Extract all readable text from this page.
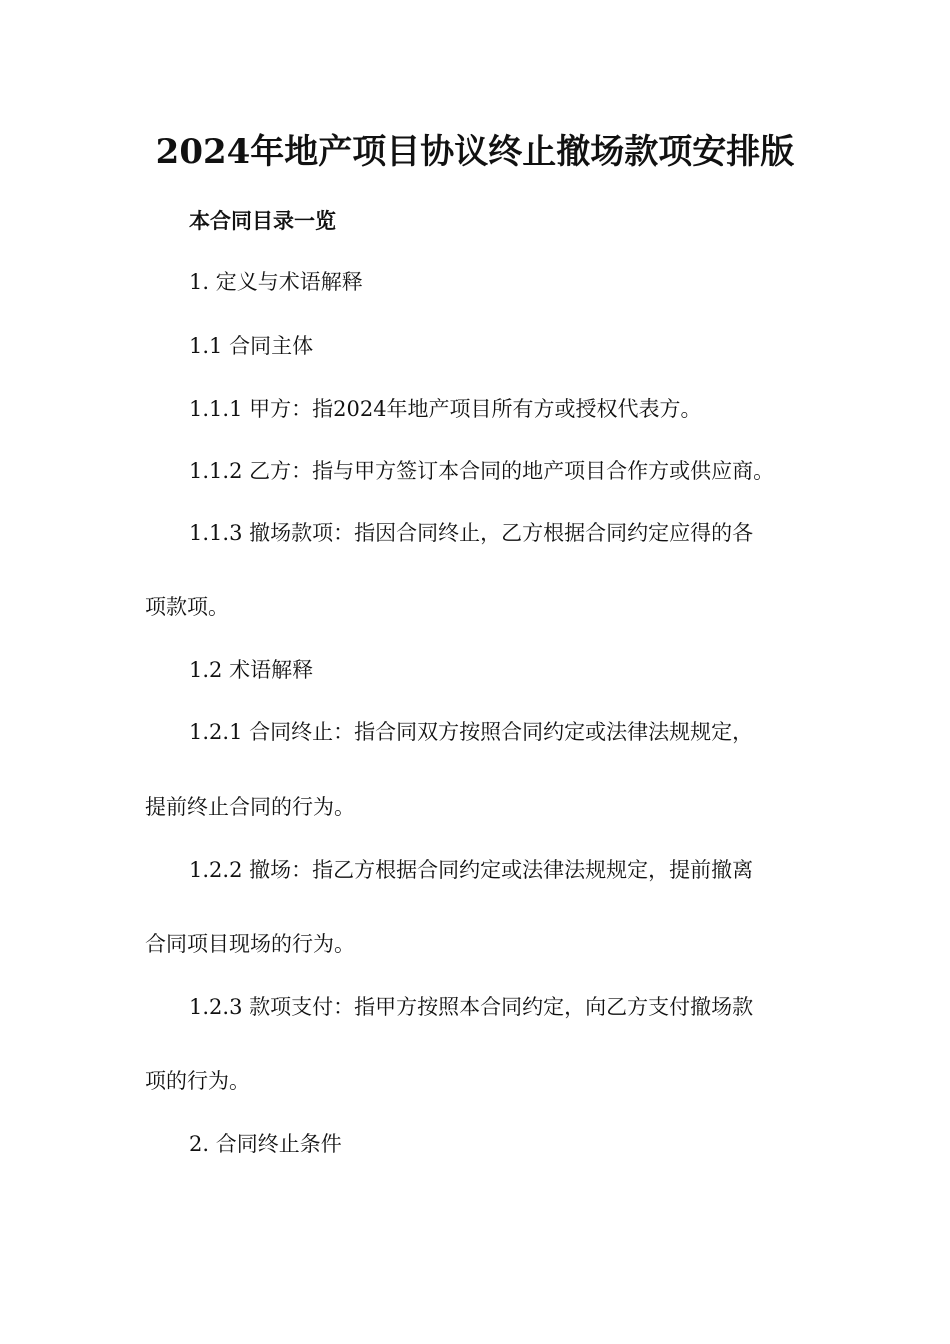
2024年地产项目协议终止撤场款项安排版
本合同目录一览
1. 定义与术语解释
1.1 合同主体
1.1.1 甲方：指2024年地产项目所有方或授权代表方。
1.1.2 乙方：指与甲方签订本合同的地产项目合作方或供应商。
1.1.3 撤场款项：指因合同终止，乙方根据合同约定应得的各
项款项。
1.2 术语解释
1.2.1 合同终止：指合同双方按照合同约定或法律法规规定，
提前终止合同的行为。
1.2.2 撤场：指乙方根据合同约定或法律法规规定，提前撤离
合同项目现场的行为。
1.2.3 款项支付：指甲方按照本合同约定，向乙方支付撤场款
项的行为。
2. 合同终止条件
